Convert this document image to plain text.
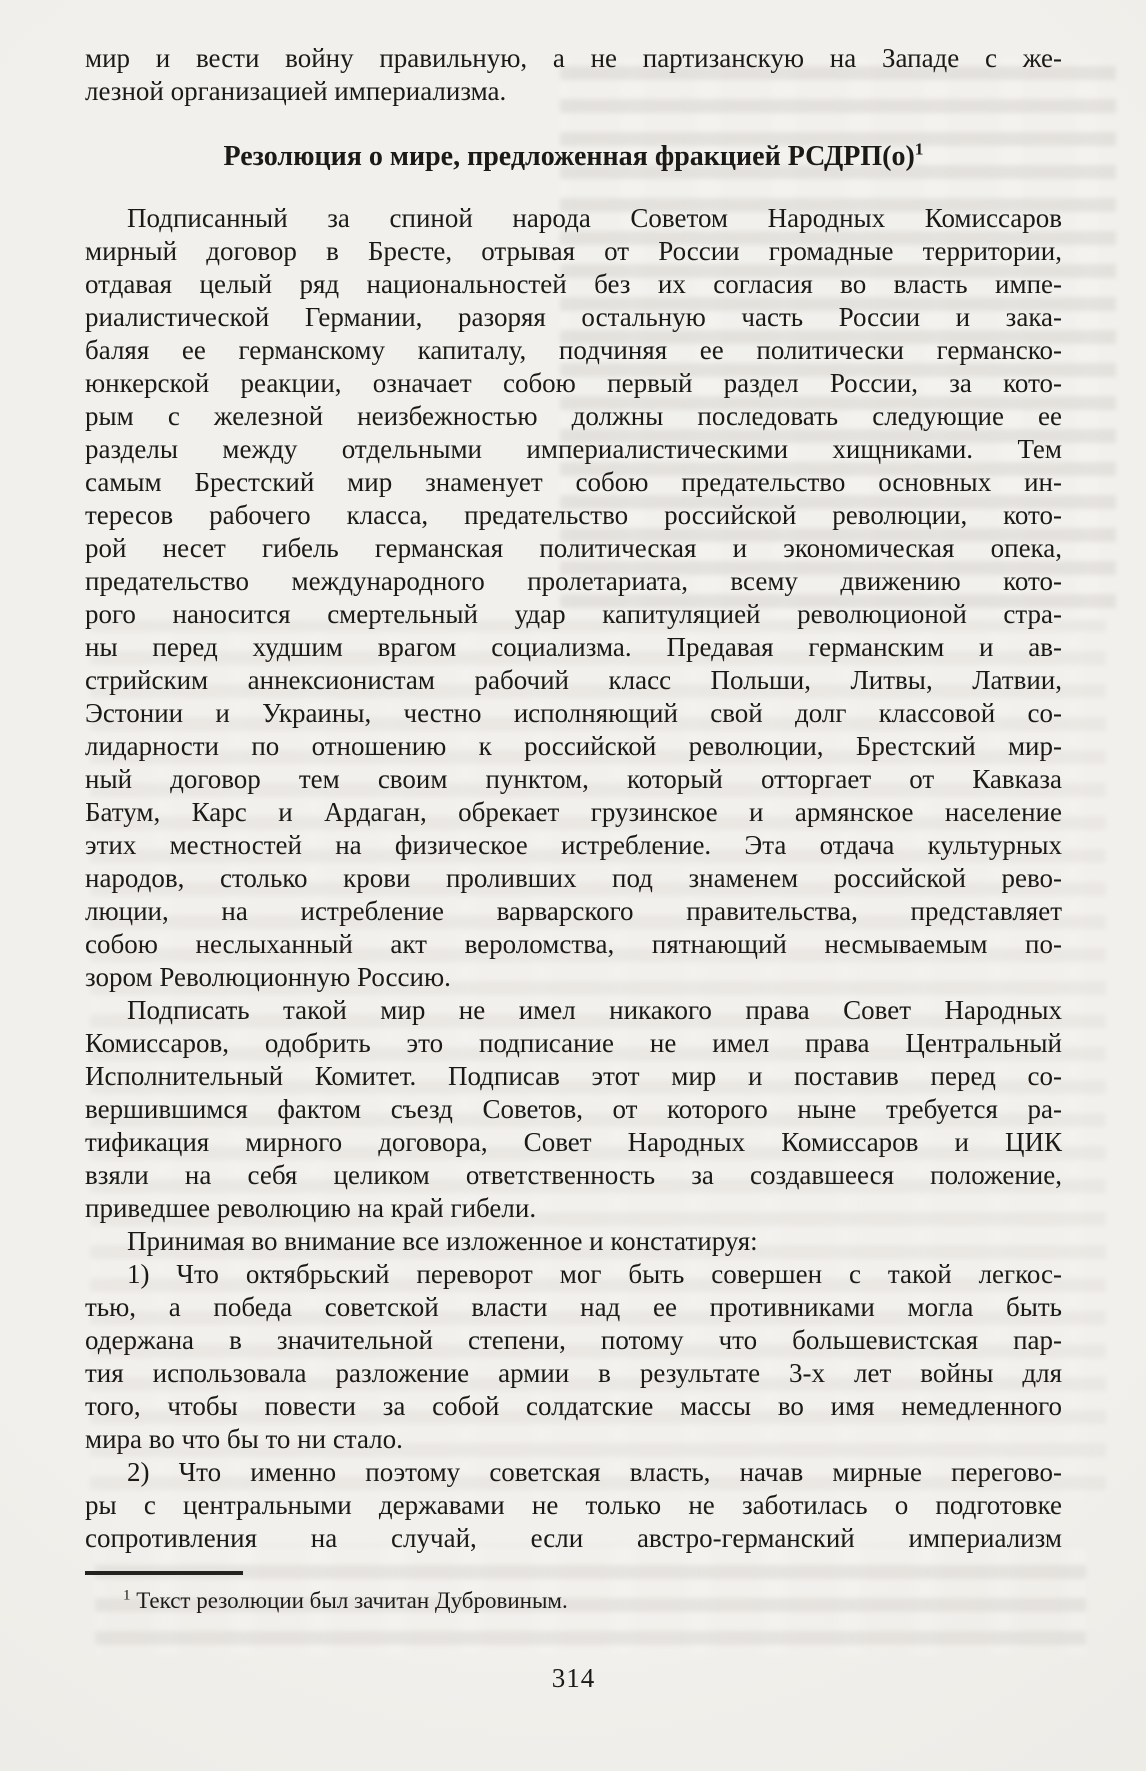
мир и вести войну правильную, а не партизанскую на Западе с же-
лезной организацией империализма.
Резолюция о мире, предложенная фракцией $РСДРП(о)^1$
Подписанный за спиной народа Советом Народных Комиссаров
мирный договор в Бресте, отрывая от России громадные территории,
отдавая целый ряд национальностей без их согласия во власть импе-
риалистической Германии, разоряя остальную часть России и зака-
баляя ее германскому капиталу, подчиняя ее политически германско-
юнкерской реакции, означает собою первый раздел России, за кото-
рым с железной неизбежностью должны последовать следующие ее
разделы между отдельными империалистическими хищниками. Тем
самым Брестский мир знаменует собою предательство основных ин-
тересов рабочего класса, предательство российской революции, кото-
рой несет гибель германская политическая и экономическая опека,
предательство международного пролетариата, всему движению кото-
рого наносится смертельный удар капитуляцией революционой стра-
ны перед худшим врагом социализма. Предавая германским и ав-
стрийским аннексионистам рабочий класс Польши, Литвы, Латвии,
Эстонии и Украины, честно исполняющий свой долг классовой со-
лидарности по отношению к российской революции, Брестский мир-
ный договор тем своим пунктом, который отторгает от Кавказа
Батум, Карс и Ардаган, обрекает грузинское и армянское население
этих местностей на физическое истребление. Эта отдача культурных
народов, столько крови проливших под знаменем российской рево-
люции, на истребление варварского правительства, представляет
собою неслыханный акт вероломства, пятнающий несмываемым по-
зором Революционную Россию.
Подписать такой мир не имел никакого права Совет Народных
Комиссаров, одобрить это подписание не имел права Центральный
Исполнительный Комитет. Подписав этот мир и поставив перед со-
вершившимся фактом съезд Советов, от которого ныне требуется ра-
тификация мирного договора, Совет Народных Комиссаров и ЦИК
взяли на себя целиком ответственность за создавшееся положение,
приведшее революцию на край гибели.
Принимая во внимание все изложенное и констатируя:
1) Что октябрьский переворот мог быть совершен с такой легкос-
тью, а победа советской власти над ее противниками могла быть
одержана в значительной степени, потому что большевистская пар-
тия использовала разложение армии в результате 3-х лет войны для
того, чтобы повести за собой солдатские массы во имя немедленного
мира во что бы то ни стало.
2) Что именно поэтому советская власть, начав мирные перегово-
ры с центральными державами не только не заботилась о подготовке
сопротивления на случай, если австро-германский империализм
$^1$ Текст резолюции был зачитан Дубровиным.
314
